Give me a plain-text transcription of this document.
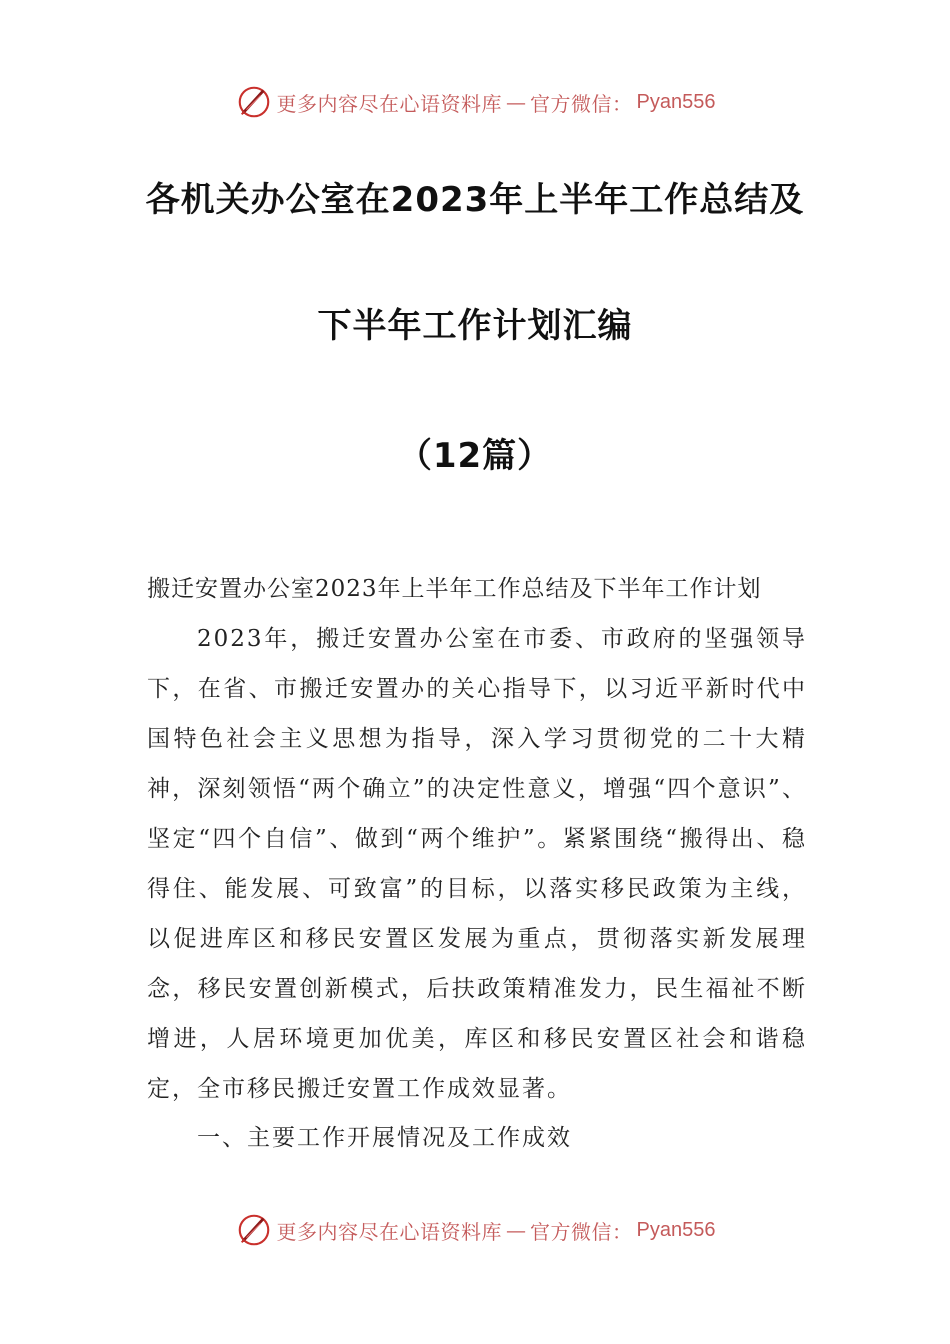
更多内容尽在心语资料库 — 官方微信： Pyan556
各机关办公室在2023年上半年工作总结及
下半年工作计划汇编
（12篇）
搬迁安置办公室2023年上半年工作总结及下半年工作计划
2023年，搬迁安置办公室在市委、市政府的坚强领导下，在省、市搬迁安置办的关心指导下，以习近平新时代中国特色社会主义思想为指导，深入学习贯彻党的二十大精神，深刻领悟“两个确立”的决定性意义，增强“四个意识”、坚定“四个自信”、做到“两个维护”。紧紧围绕“搬得出、稳得住、能发展、可致富”的目标，以落实移民政策为主线，以促进库区和移民安置区发展为重点，贯彻落实新发展理念，移民安置创新模式，后扶政策精准发力，民生福祉不断增进，人居环境更加优美，库区和移民安置区社会和谐稳定，全市移民搬迁安置工作成效显著。
一、主要工作开展情况及工作成效
更多内容尽在心语资料库 — 官方微信： Pyan556
